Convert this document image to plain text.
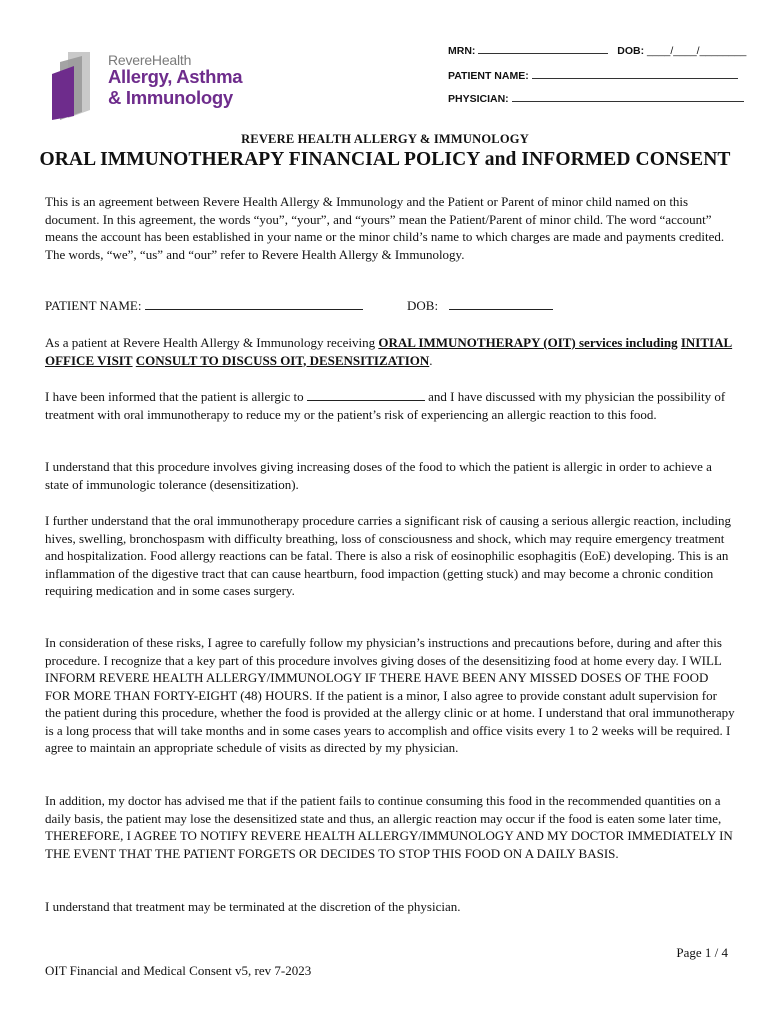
RevereHealth
Allergy, Asthma
& Immunology
MRN:	DOB: ____/____/________
PATIENT NAME:
PHYSICIAN:
REVERE HEALTH ALLERGY & IMMUNOLOGY
ORAL IMMUNOTHERAPY FINANCIAL POLICY and INFORMED CONSENT
This is an agreement between Revere Health Allergy & Immunology and the Patient or Parent of minor child named on this document. In this agreement, the words “you”, “your”, and “yours” mean the Patient/Parent of minor child. The word “account” means the account has been established in your name or the minor child’s name to which charges are made and payments credited. The words, “we”, “us” and “our” refer to Revere Health Allergy & Immunology.
PATIENT NAME:	DOB:
As a patient at Revere Health Allergy & Immunology receiving ORAL IMMUNOTHERAPY (OIT) services including INITIAL OFFICE VISIT CONSULT TO DISCUSS OIT, DESENSITIZATION.
I have been informed that the patient is allergic to	and I have discussed with my physician the possibility of treatment with oral immunotherapy to reduce my or the patient’s risk of experiencing an allergic reaction to this food.
I understand that this procedure involves giving increasing doses of the food to which the patient is allergic in order to achieve a state of immunologic tolerance (desensitization).
I further understand that the oral immunotherapy procedure carries a significant risk of causing a serious allergic reaction, including hives, swelling, bronchospasm with difficulty breathing, loss of consciousness and shock, which may require emergency treatment and hospitalization. Food allergy reactions can be fatal. There is also a risk of eosinophilic esophagitis (EoE) developing. This is an inflammation of the digestive tract that can cause heartburn, food impaction (getting stuck) and may become a chronic condition requiring medication and in some cases surgery.
In consideration of these risks, I agree to carefully follow my physician’s instructions and precautions before, during and after this procedure. I recognize that a key part of this procedure involves giving doses of the desensitizing food at home every day. I WILL INFORM REVERE HEALTH ALLERGY/IMMUNOLOGY IF THERE HAVE BEEN ANY MISSED DOSES OF THE FOOD FOR MORE THAN FORTY-EIGHT (48) HOURS. If the patient is a minor, I also agree to provide constant adult supervision for the patient during this procedure, whether the food is provided at the allergy clinic or at home. I understand that oral immunotherapy is a long process that will take months and in some cases years to accomplish and office visits every 1 to 2 weeks will be required. I agree to maintain an appropriate schedule of visits as directed by my physician.
In addition, my doctor has advised me that if the patient fails to continue consuming this food in the recommended quantities on a daily basis, the patient may lose the desensitized state and thus, an allergic reaction may occur if the food is eaten some later time, THEREFORE, I AGREE TO NOTIFY REVERE HEALTH ALLERGY/IMMUNOLOGY AND MY DOCTOR IMMEDIATELY IN THE EVENT THAT THE PATIENT FORGETS OR DECIDES TO STOP THIS FOOD ON A DAILY BASIS.
I understand that treatment may be terminated at the discretion of the physician.
Page 1 / 4
OIT Financial and Medical Consent v5, rev 7-2023
